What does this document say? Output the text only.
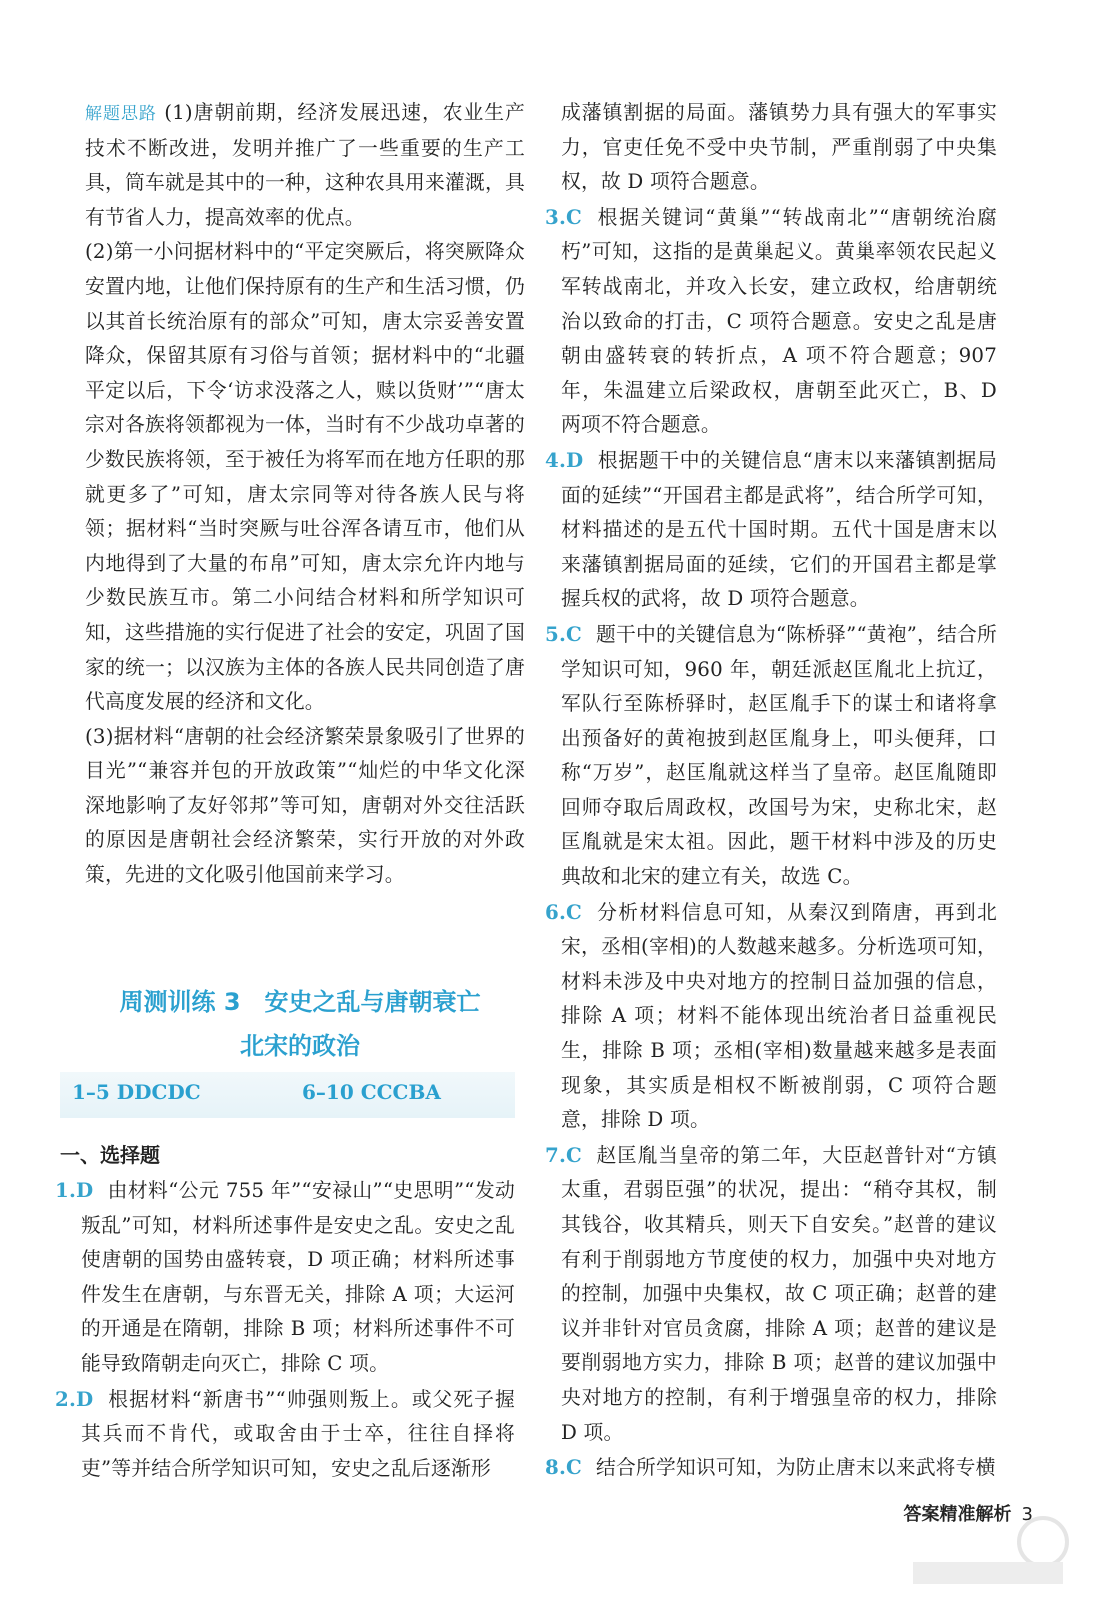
解题思路 (1)唐朝前期，经济发展迅速，农业生产技术不断改进，发明并推广了一些重要的生产工具，筒车就是其中的一种，这种农具用来灌溉，具有节省人力，提高效率的优点。

(2)第一小问据材料中的“平定突厥后，将突厥降众安置内地，让他们保持原有的生产和生活习惯，仍以其首长统治原有的部众”可知，唐太宗妥善安置降众，保留其原有习俗与首领；据材料中的“北疆平定以后，下令‘访求没落之人，赎以货财’”“唐太宗对各族将领都视为一体，当时有不少战功卓著的少数民族将领，至于被任为将军而在地方任职的那就更多了”可知，唐太宗同等对待各族人民与将领；据材料“当时突厥与吐谷浑各请互市，他们从内地得到了大量的布帛”可知，唐太宗允许内地与少数民族互市。第二小问结合材料和所学知识可知，这些措施的实行促进了社会的安定，巩固了国家的统一；以汉族为主体的各族人民共同创造了唐代高度发展的经济和文化。

(3)据材料“唐朝的社会经济繁荣景象吸引了世界的目光”“兼容并包的开放政策”“灿烂的中华文化深深地影响了友好邻邦”等可知，唐朝对外交往活跃的原因是唐朝社会经济繁荣，实行开放的对外政策，先进的文化吸引他国前来学习。

周测训练 3　安史之乱与唐朝衰亡
北宋的政治
1–5 DDCDC	6–10 CCCBA
一、选择题

1.D 由材料“公元 755 年”“安禄山”“史思明”“发动叛乱”可知，材料所述事件是安史之乱。安史之乱使唐朝的国势由盛转衰，D 项正确；材料所述事件发生在唐朝，与东晋无关，排除 A 项；大运河的开通是在隋朝，排除 B 项；材料所述事件不可能导致隋朝走向灭亡，排除 C 项。

2.D 根据材料“新唐书”“帅强则叛上。或父死子握其兵而不肯代，或取舍由于士卒，往往自择将吏”等并结合所学知识可知，安史之乱后逐渐形

成藩镇割据的局面。藩镇势力具有强大的军事实力，官吏任免不受中央节制，严重削弱了中央集权，故 D 项符合题意。

3.C 根据关键词“黄巢”“转战南北”“唐朝统治腐朽”可知，这指的是黄巢起义。黄巢率领农民起义军转战南北，并攻入长安，建立政权，给唐朝统治以致命的打击，C 项符合题意。安史之乱是唐朝由盛转衰的转折点，A 项不符合题意；907 年，朱温建立后梁政权，唐朝至此灭亡，B、D 两项不符合题意。

4.D 根据题干中的关键信息“唐末以来藩镇割据局面的延续”“开国君主都是武将”，结合所学可知，材料描述的是五代十国时期。五代十国是唐末以来藩镇割据局面的延续，它们的开国君主都是掌握兵权的武将，故 D 项符合题意。

5.C 题干中的关键信息为“陈桥驿”“黄袍”，结合所学知识可知，960 年，朝廷派赵匡胤北上抗辽，军队行至陈桥驿时，赵匡胤手下的谋士和诸将拿出预备好的黄袍披到赵匡胤身上，叩头便拜，口称“万岁”，赵匡胤就这样当了皇帝。赵匡胤随即回师夺取后周政权，改国号为宋，史称北宋，赵匡胤就是宋太祖。因此，题干材料中涉及的历史典故和北宋的建立有关，故选 C。

6.C 分析材料信息可知，从秦汉到隋唐，再到北宋，丞相(宰相)的人数越来越多。分析选项可知，材料未涉及中央对地方的控制日益加强的信息，排除 A 项；材料不能体现出统治者日益重视民生，排除 B 项；丞相(宰相)数量越来越多是表面现象，其实质是相权不断被削弱，C 项符合题意，排除 D 项。

7.C 赵匡胤当皇帝的第二年，大臣赵普针对“方镇太重，君弱臣强”的状况，提出：“稍夺其权，制其钱谷，收其精兵，则天下自安矣。”赵普的建议有利于削弱地方节度使的权力，加强中央对地方的控制，加强中央集权，故 C 项正确；赵普的建议并非针对官员贪腐，排除 A 项；赵普的建议是要削弱地方实力，排除 B 项；赵普的建议加强中央对地方的控制，有利于增强皇帝的权力，排除 D 项。

8.C 结合所学知识可知，为防止唐末以来武将专横

答案精准解析 3
